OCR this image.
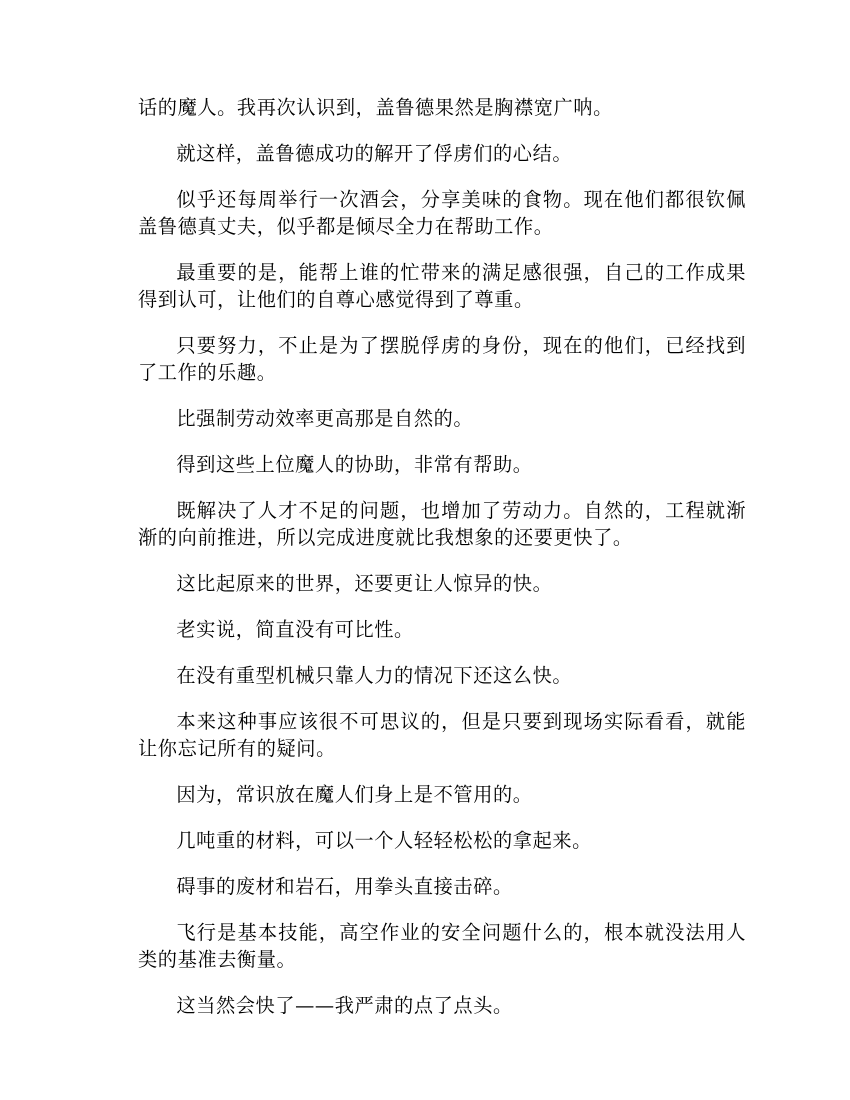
话的魔人。我再次认识到，盖鲁德果然是胸襟宽广呐。

就这样，盖鲁德成功的解开了俘虏们的心结。

似乎还每周举行一次酒会，分享美味的食物。现在他们都很钦佩盖鲁德真丈夫，似乎都是倾尽全力在帮助工作。

最重要的是，能帮上谁的忙带来的满足感很强，自己的工作成果得到认可，让他们的自尊心感觉得到了尊重。

只要努力，不止是为了摆脱俘虏的身份，现在的他们，已经找到了工作的乐趣。

比强制劳动效率更高那是自然的。

得到这些上位魔人的协助，非常有帮助。

既解决了人才不足的问题，也增加了劳动力。自然的，工程就渐渐的向前推进，所以完成进度就比我想象的还要更快了。

这比起原来的世界，还要更让人惊异的快。

老实说，简直没有可比性。

在没有重型机械只靠人力的情况下还这么快。

本来这种事应该很不可思议的，但是只要到现场实际看看，就能让你忘记所有的疑问。

因为，常识放在魔人们身上是不管用的。

几吨重的材料，可以一个人轻轻松松的拿起来。

碍事的废材和岩石，用拳头直接击碎。

飞行是基本技能，高空作业的安全问题什么的，根本就没法用人类的基准去衡量。

这当然会快了——我严肃的点了点头。
